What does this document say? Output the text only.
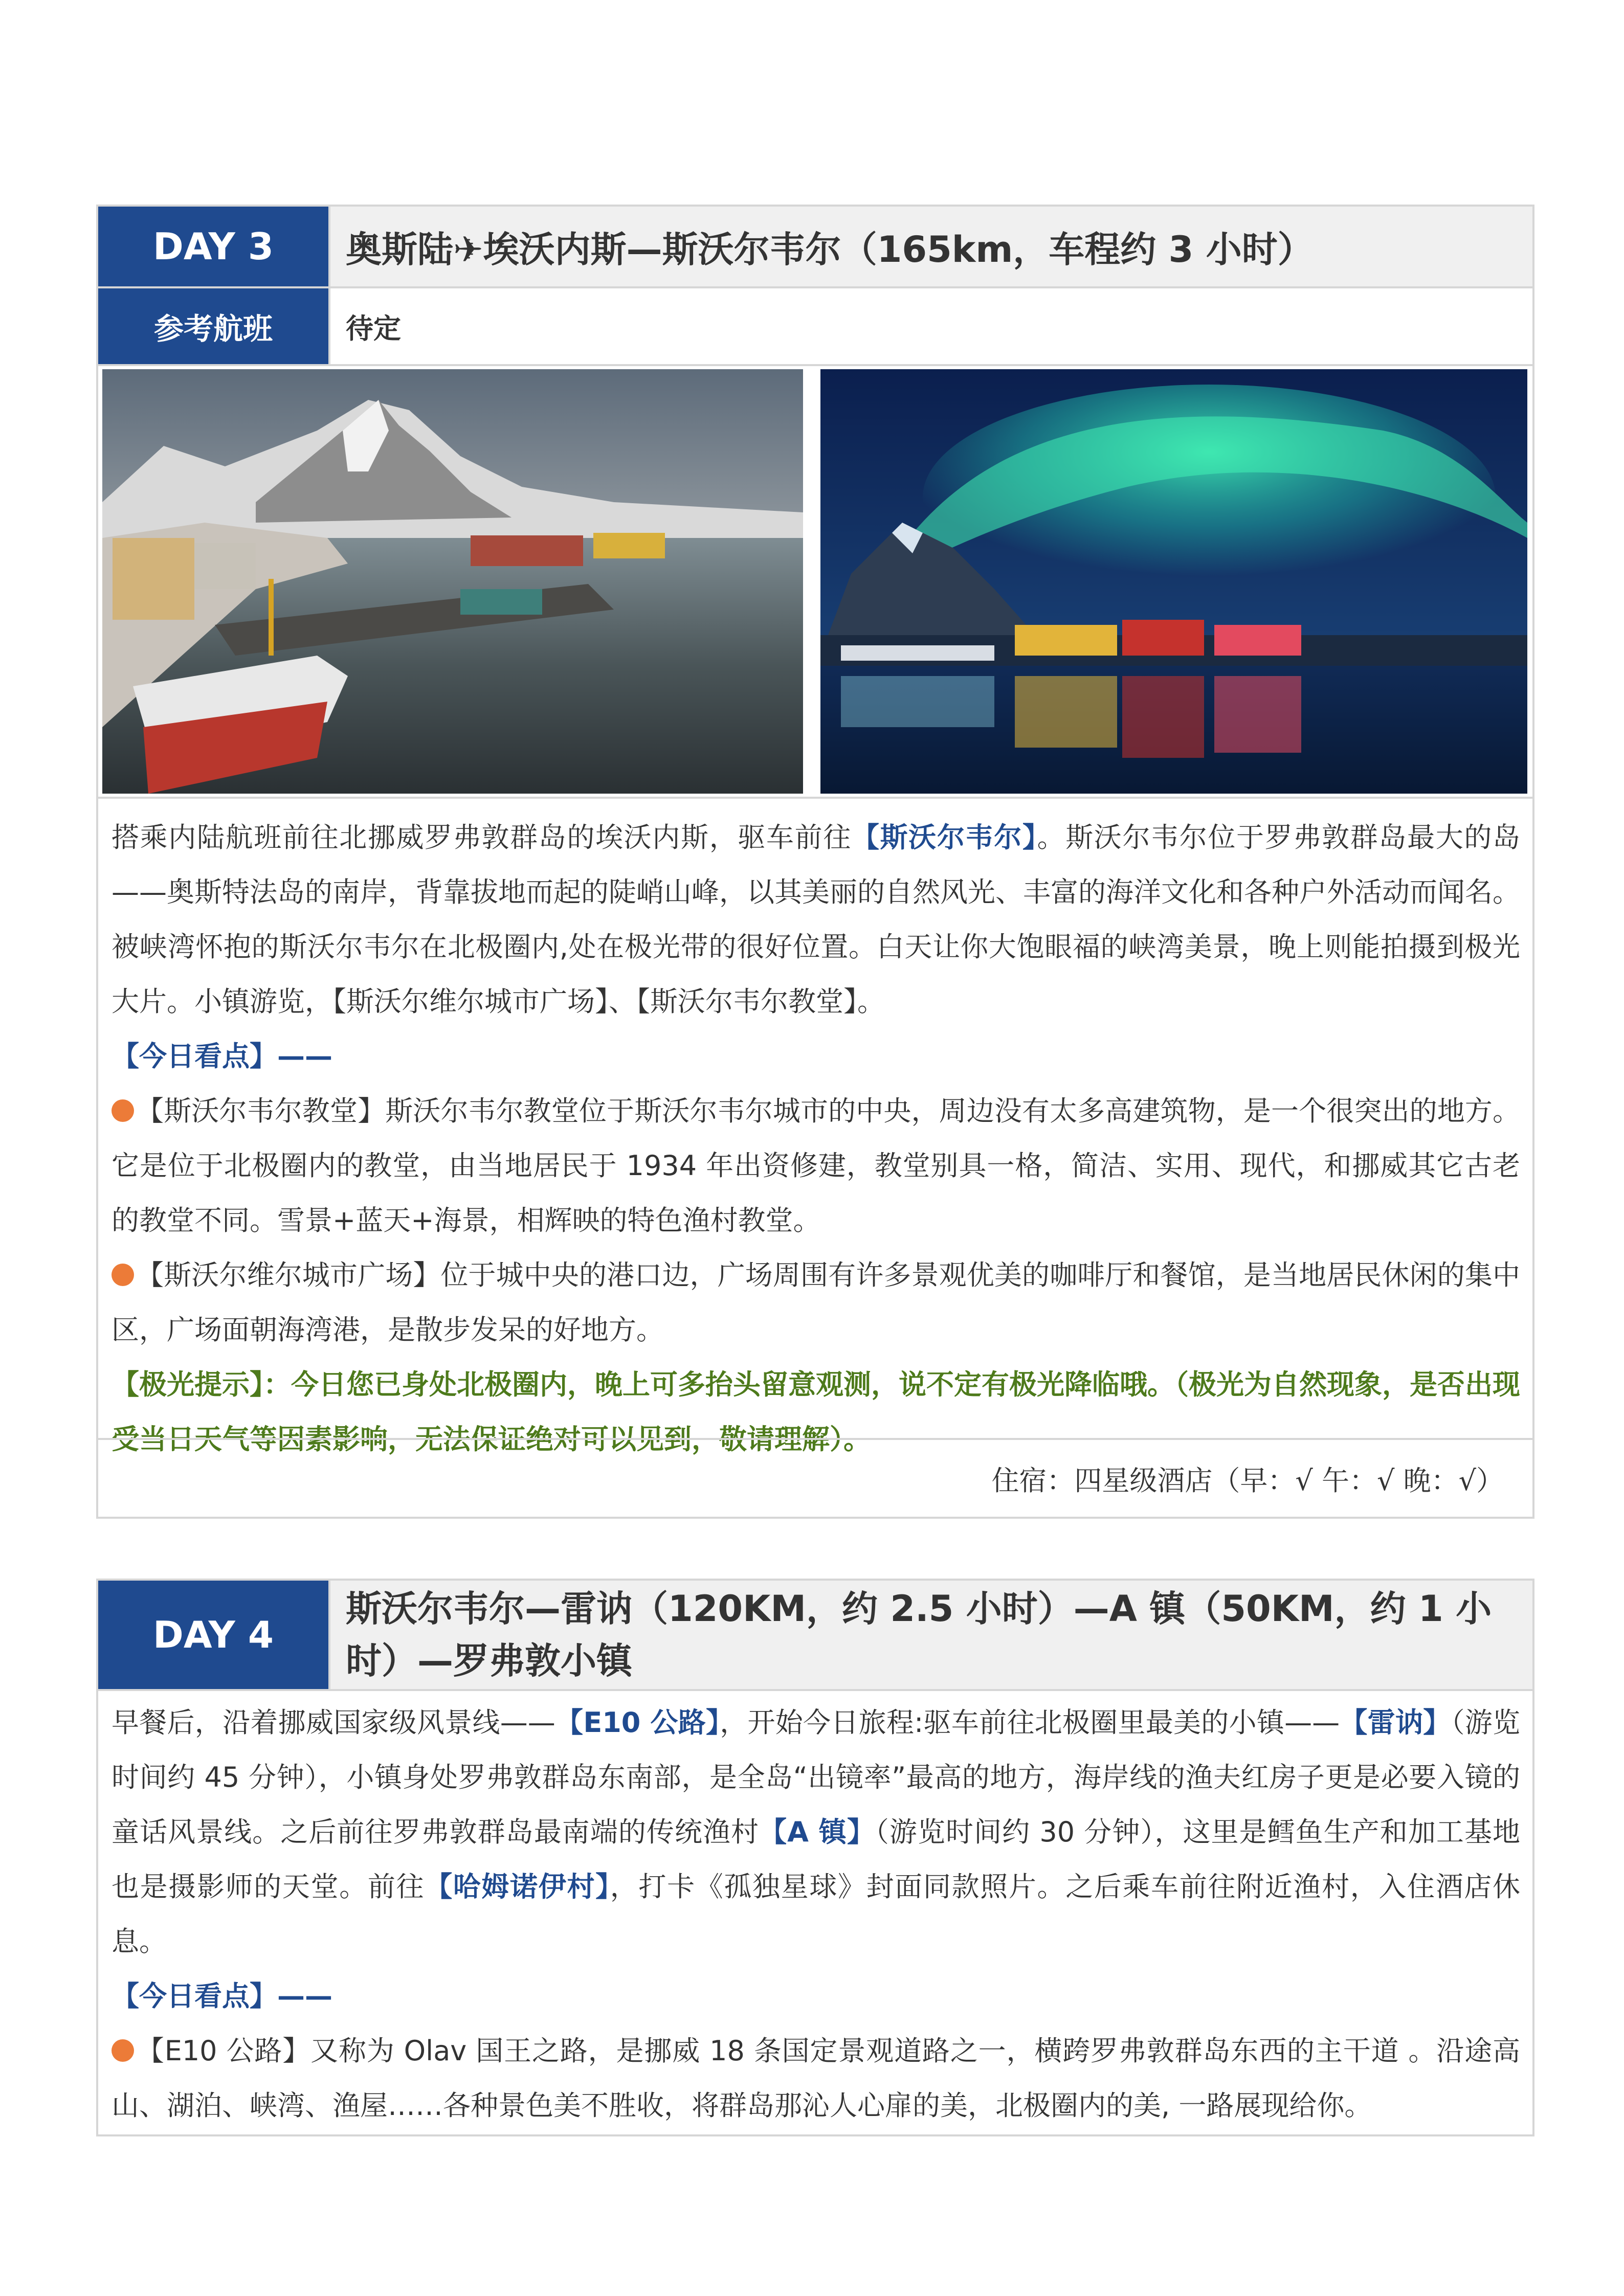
DAY 3	奥斯陆✈埃沃内斯—斯沃尔韦尔（165km，车程约 3 小时）
参考航班	待定

搭乘内陆航班前往北挪威罗弗敦群岛的埃沃内斯，驱车前往【斯沃尔韦尔】。斯沃尔韦尔位于罗弗敦群岛最大的岛——奥斯特法岛的南岸，背靠拔地而起的陡峭山峰，以其美丽的自然风光、丰富的海洋文化和各种户外活动而闻名。被峡湾怀抱的斯沃尔韦尔在北极圈内,处在极光带的很好位置。白天让你大饱眼福的峡湾美景，晚上则能拍摄到极光大片。小镇游览，【斯沃尔维尔城市广场】、【斯沃尔韦尔教堂】。

【今日看点】——

【斯沃尔韦尔教堂】斯沃尔韦尔教堂位于斯沃尔韦尔城市的中央，周边没有太多高建筑物，是一个很突出的地方。它是位于北极圈内的教堂，由当地居民于 1934 年出资修建，教堂别具一格，简洁、实用、现代，和挪威其它古老的教堂不同。雪景+蓝天+海景，相辉映的特色渔村教堂。

【斯沃尔维尔城市广场】位于城中央的港口边，广场周围有许多景观优美的咖啡厅和餐馆，是当地居民休闲的集中区，广场面朝海湾港，是散步发呆的好地方。

【极光提示】：今日您已身处北极圈内，晚上可多抬头留意观测，说不定有极光降临哦。（极光为自然现象，是否出现受当日天气等因素影响，无法保证绝对可以见到，敬请理解）。

住宿：四星级酒店（早：√ 午：√ 晚：√）
DAY 4
斯沃尔韦尔—雷讷（120KM，约 2.5 小时）—A 镇（50KM，约 1 小时）—罗弗敦小镇

早餐后，沿着挪威国家级风景线——【E10 公路】，开始今日旅程:驱车前往北极圈里最美的小镇——【雷讷】（游览时间约 45 分钟），小镇身处罗弗敦群岛东南部，是全岛“出镜率”最高的地方，海岸线的渔夫红房子更是必要入镜的童话风景线。之后前往罗弗敦群岛最南端的传统渔村【A 镇】（游览时间约 30 分钟），这里是鳕鱼生产和加工基地也是摄影师的天堂。前往【哈姆诺伊村】，打卡《孤独星球》封面同款照片。之后乘车前往附近渔村，入住酒店休息。

【今日看点】——

【E10 公路】又称为 Olav 国王之路，是挪威 18 条国定景观道路之一，横跨罗弗敦群岛东西的主干道 。沿途高山、湖泊、峡湾、渔屋……各种景色美不胜收，将群岛那沁人心扉的美，北极圈内的美, 一路展现给你。
